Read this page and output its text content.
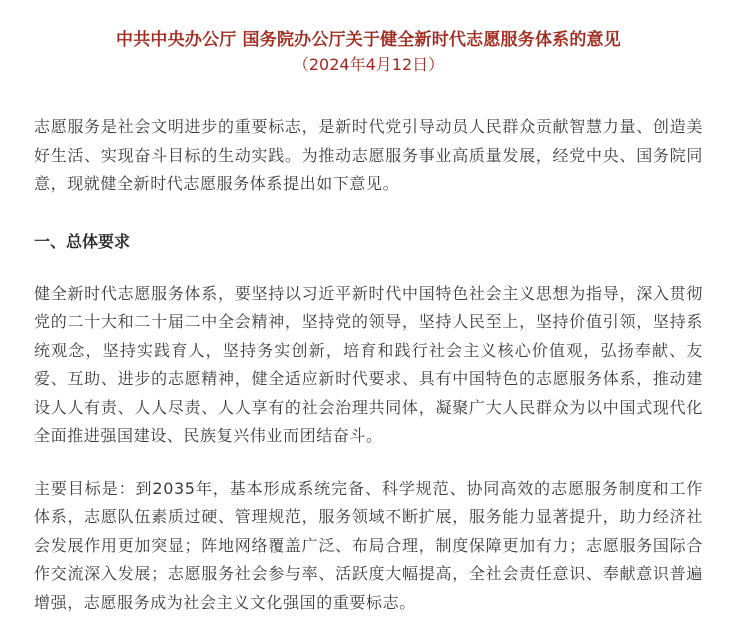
中共中央办公厅 国务院办公厅关于健全新时代志愿服务体系的意见
（2024年4月12日）

志愿服务是社会文明进步的重要标志，是新时代党引导动员人民群众贡献智慧力量、创造美好生活、实现奋斗目标的生动实践。为推动志愿服务事业高质量发展，经党中央、国务院同意，现就健全新时代志愿服务体系提出如下意见。

一、总体要求

健全新时代志愿服务体系，要坚持以习近平新时代中国特色社会主义思想为指导，深入贯彻党的二十大和二十届二中全会精神，坚持党的领导，坚持人民至上，坚持价值引领，坚持系统观念，坚持实践育人，坚持务实创新，培育和践行社会主义核心价值观，弘扬奉献、友爱、互助、进步的志愿精神，健全适应新时代要求、具有中国特色的志愿服务体系，推动建设人人有责、人人尽责、人人享有的社会治理共同体，凝聚广大人民群众为以中国式现代化全面推进强国建设、民族复兴伟业而团结奋斗。

主要目标是：到2035年，基本形成系统完备、科学规范、协同高效的志愿服务制度和工作体系，志愿队伍素质过硬、管理规范，服务领域不断扩展，服务能力显著提升，助力经济社会发展作用更加突显；阵地网络覆盖广泛、布局合理，制度保障更加有力；志愿服务国际合作交流深入发展；志愿服务社会参与率、活跃度大幅提高，全社会责任意识、奉献意识普遍增强，志愿服务成为社会主义文化强国的重要标志。
